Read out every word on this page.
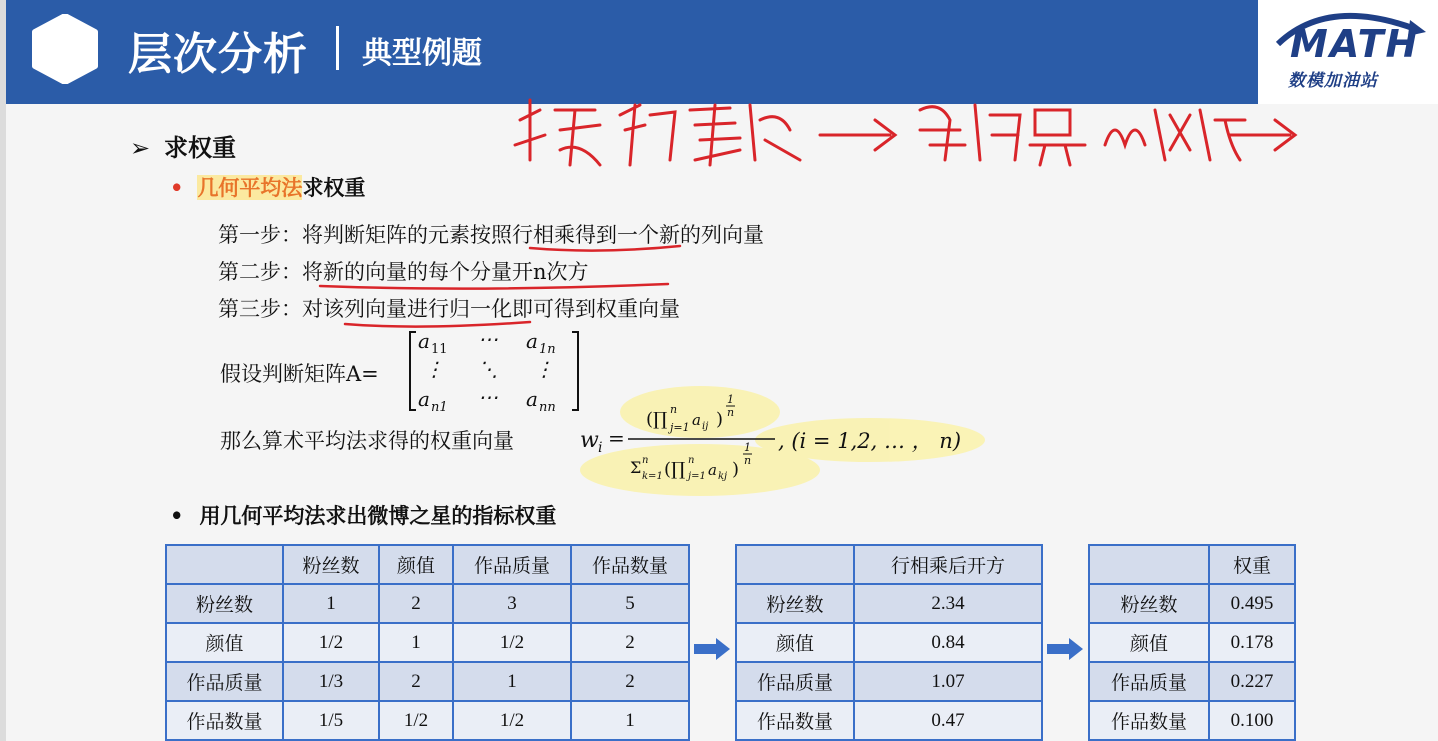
层次分析 典型例题	MATH
数模加油站
➢ 求权重
• 几何平均法求权重
第一步：将判断矩阵的元素按照行相乘得到一个新的列向量
第二步：将新的向量的每个分量开n次方
第三步：对该列向量进行归一化即可得到权重向量
假设判断矩阵A=
a 11 ⋯ a 1n
⋮ ⋱ ⋮
a n1 ⋯ a nn
那么算术平均法求得的权重向量	w i =
(∏ n
j=1 a ij )
1
n
Σ n
k=1 (∏ n
j=1 a kj )
1
n
, (i = 1,2, … ， n)
• 用几何平均法求出微博之星的指标权重
	粉丝数	颜值	作品质量	作品数量
粉丝数	1	2	3	5
颜值	1/2	1	1/2	2
作品质量	1/3	2	1	2
作品数量	1/5	1/2	1/2	1
	行相乘后开方
粉丝数	2.34
颜值	0.84
作品质量	1.07
作品数量	0.47
	权重
粉丝数	0.495
颜值	0.178
作品质量	0.227
作品数量	0.100
